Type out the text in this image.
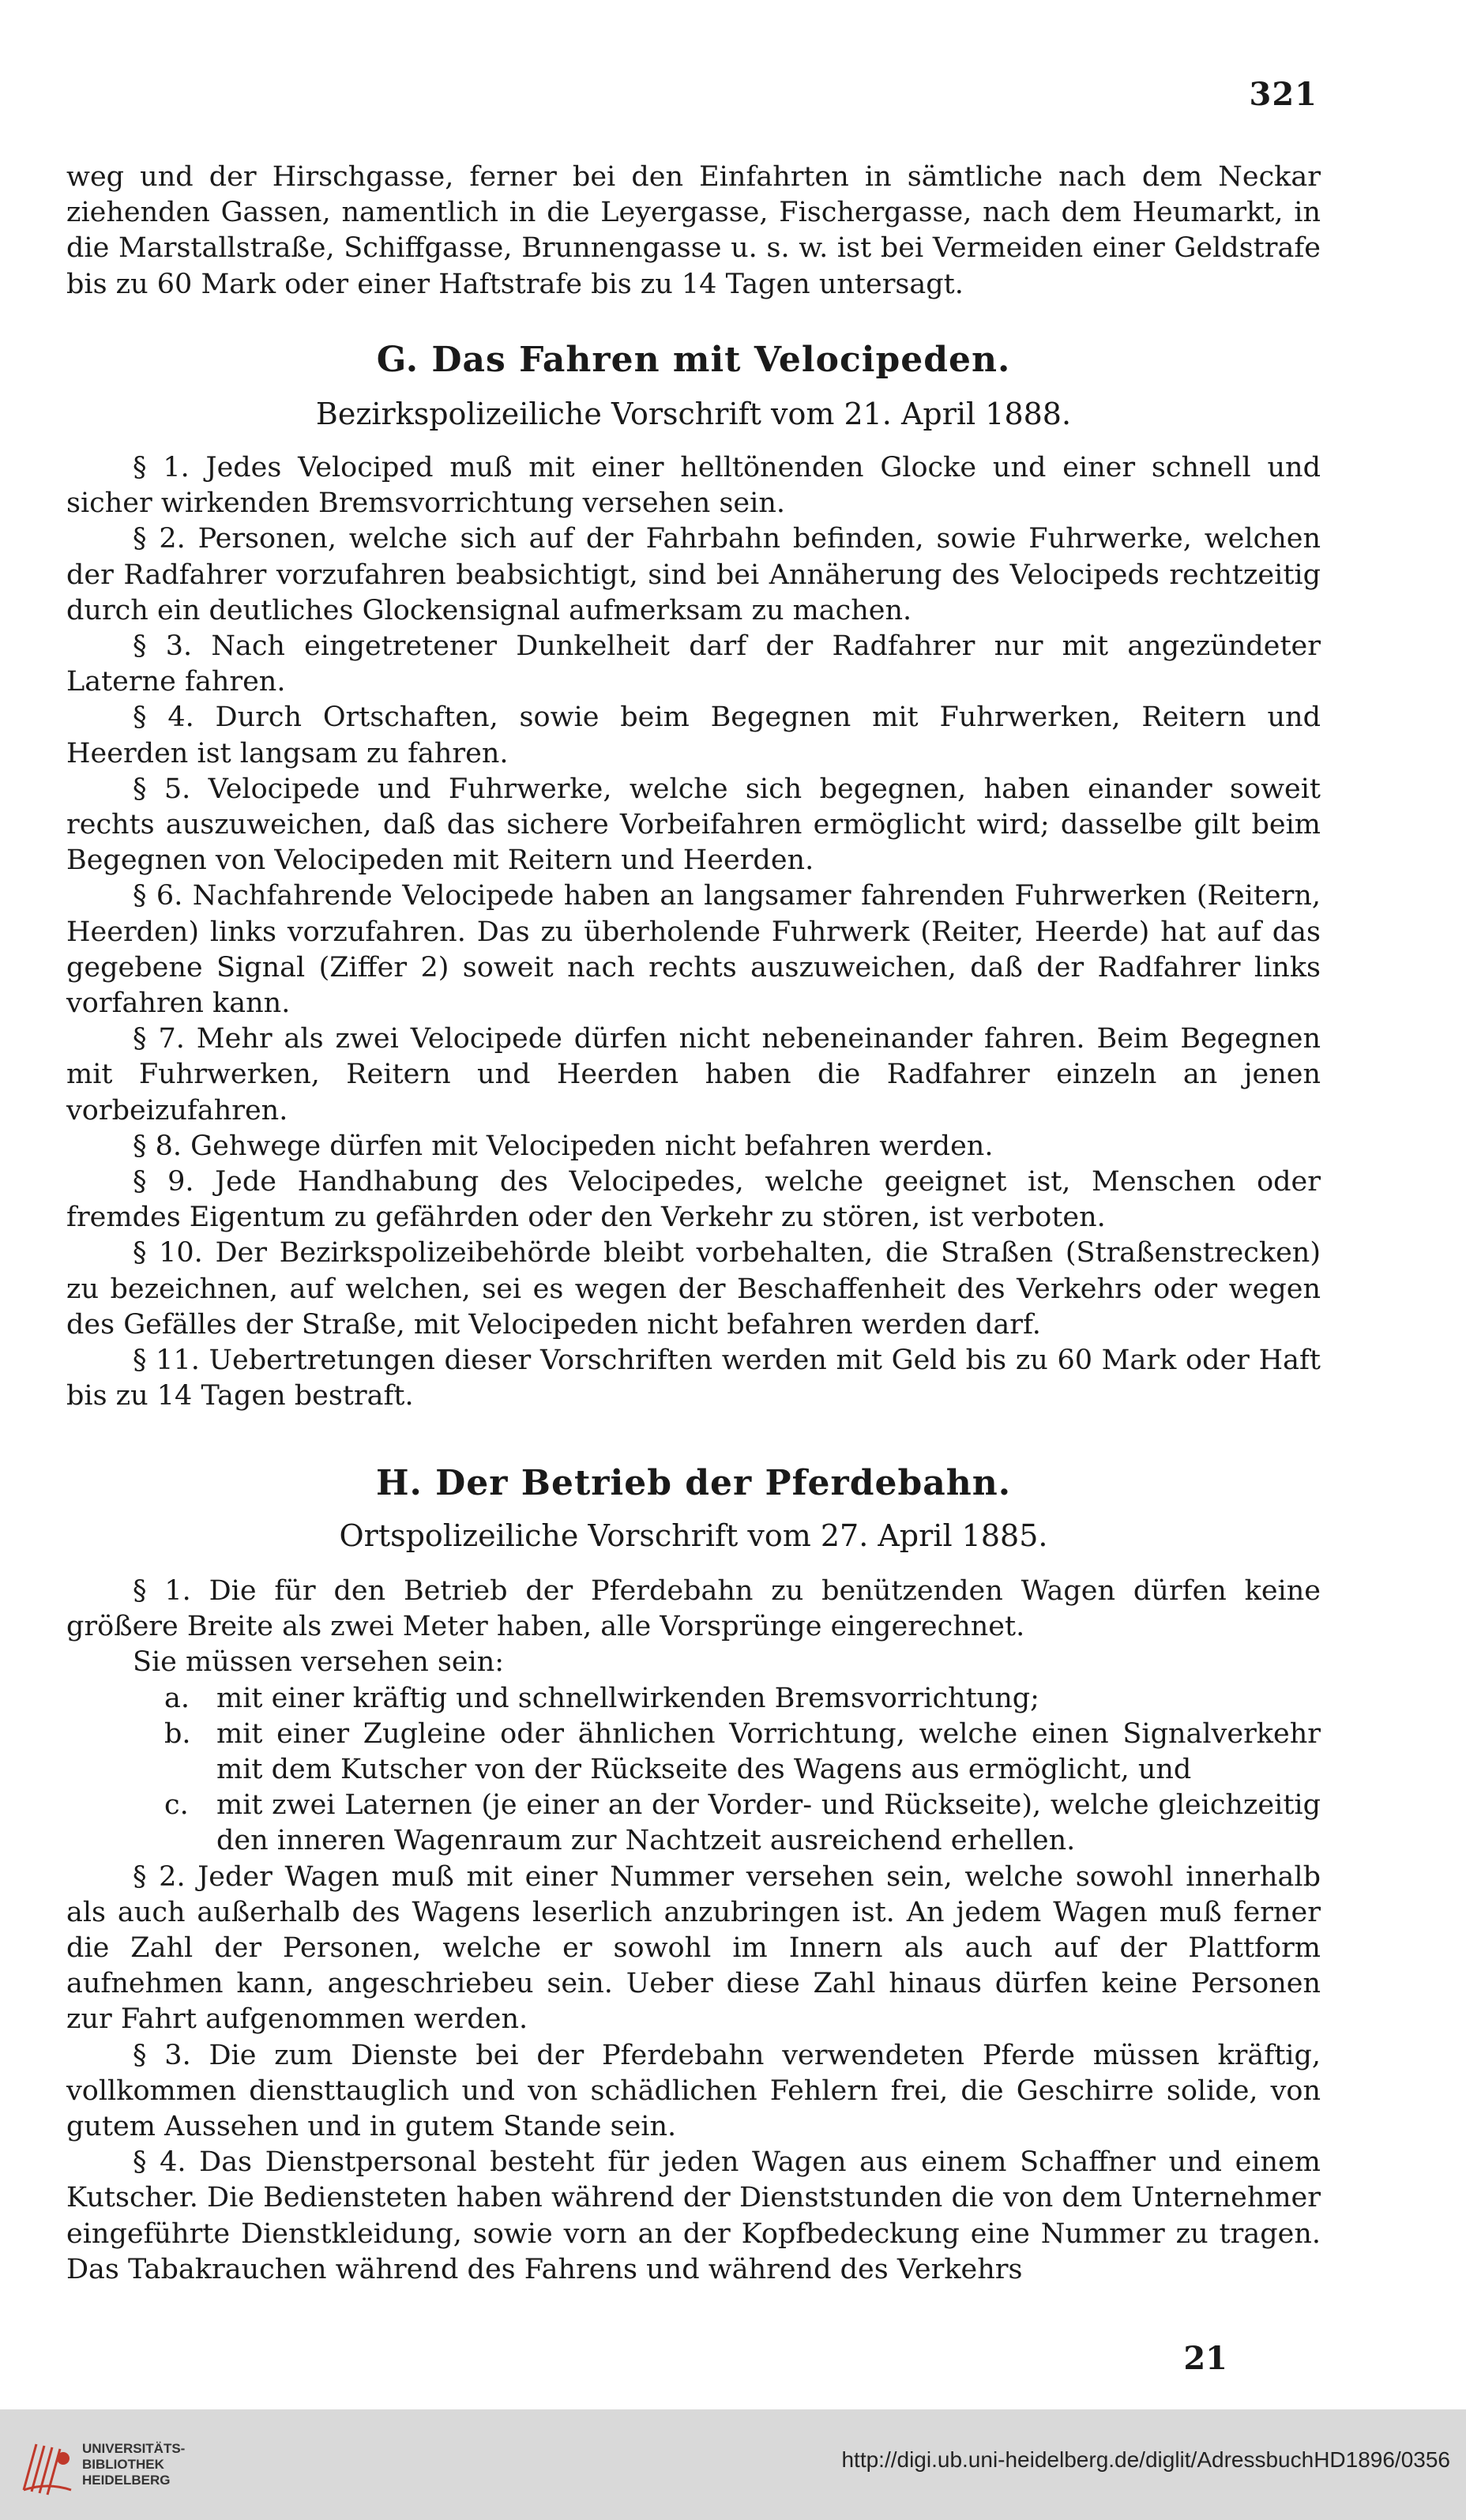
321

weg und der Hirschgasse, ferner bei den Einfahrten in sämtliche nach dem Neckar ziehenden Gassen, namentlich in die Leyergasse, Fischergasse, nach dem Heumarkt, in die Marstallstraße, Schiffgasse, Brunnengasse u. s. w. ist bei Vermeiden einer Geldstrafe bis zu 60 Mark oder einer Haftstrafe bis zu 14 Tagen untersagt.

G. Das Fahren mit Velocipeden.
Bezirkspolizeiliche Vorschrift vom 21. April 1888.

§ 1. Jedes Velociped muß mit einer helltönenden Glocke und einer schnell und sicher wirkenden Bremsvorrichtung versehen sein.

§ 2. Personen, welche sich auf der Fahrbahn befinden, sowie Fuhrwerke, welchen der Radfahrer vorzufahren beabsichtigt, sind bei Annäherung des Velocipeds rechtzeitig durch ein deutliches Glockensignal aufmerksam zu machen.

§ 3. Nach eingetretener Dunkelheit darf der Radfahrer nur mit angezündeter Laterne fahren.

§ 4. Durch Ortschaften, sowie beim Begegnen mit Fuhrwerken, Reitern und Heerden ist langsam zu fahren.

§ 5. Velocipede und Fuhrwerke, welche sich begegnen, haben einander soweit rechts auszuweichen, daß das sichere Vorbeifahren ermöglicht wird; dasselbe gilt beim Begegnen von Velocipeden mit Reitern und Heerden.

§ 6. Nachfahrende Velocipede haben an langsamer fahrenden Fuhrwerken (Reitern, Heerden) links vorzufahren. Das zu überholende Fuhrwerk (Reiter, Heerde) hat auf das gegebene Signal (Ziffer 2) soweit nach rechts auszuweichen, daß der Radfahrer links vorfahren kann.

§ 7. Mehr als zwei Velocipede dürfen nicht nebeneinander fahren. Beim Begegnen mit Fuhrwerken, Reitern und Heerden haben die Radfahrer einzeln an jenen vorbeizufahren.

§ 8. Gehwege dürfen mit Velocipeden nicht befahren werden.

§ 9. Jede Handhabung des Velocipedes, welche geeignet ist, Menschen oder fremdes Eigentum zu gefährden oder den Verkehr zu stören, ist verboten.

§ 10. Der Bezirkspolizeibehörde bleibt vorbehalten, die Straßen (Straßenstrecken) zu bezeichnen, auf welchen, sei es wegen der Beschaffenheit des Verkehrs oder wegen des Gefälles der Straße, mit Velocipeden nicht befahren werden darf.

§ 11. Uebertretungen dieser Vorschriften werden mit Geld bis zu 60 Mark oder Haft bis zu 14 Tagen bestraft.

H. Der Betrieb der Pferdebahn.
Ortspolizeiliche Vorschrift vom 27. April 1885.

§ 1. Die für den Betrieb der Pferdebahn zu benützenden Wagen dürfen keine größere Breite als zwei Meter haben, alle Vorsprünge eingerechnet.

Sie müssen versehen sein:

a. mit einer kräftig und schnellwirkenden Bremsvorrichtung;
b. mit einer Zugleine oder ähnlichen Vorrichtung, welche einen Signalverkehr mit dem Kutscher von der Rückseite des Wagens aus ermöglicht, und
c. mit zwei Laternen (je einer an der Vorder- und Rückseite), welche gleichzeitig den inneren Wagenraum zur Nachtzeit ausreichend erhellen.

§ 2. Jeder Wagen muß mit einer Nummer versehen sein, welche sowohl innerhalb als auch außerhalb des Wagens leserlich anzubringen ist. An jedem Wagen muß ferner die Zahl der Personen, welche er sowohl im Innern als auch auf der Plattform aufnehmen kann, angeschriebeu sein. Ueber diese Zahl hinaus dürfen keine Personen zur Fahrt aufgenommen werden.

§ 3. Die zum Dienste bei der Pferdebahn verwendeten Pferde müssen kräftig, vollkommen diensttauglich und von schädlichen Fehlern frei, die Geschirre solide, von gutem Aussehen und in gutem Stande sein.

§ 4. Das Dienstpersonal besteht für jeden Wagen aus einem Schaffner und einem Kutscher. Die Bediensteten haben während der Dienststunden die von dem Unternehmer eingeführte Dienstkleidung, sowie vorn an der Kopfbedeckung eine Nummer zu tragen. Das Tabakrauchen während des Fahrens und während des Verkehrs

21
UNIVERSITÄTS-
BIBLIOTHEK
HEIDELBERG
http://digi.ub.uni-heidelberg.de/diglit/AdressbuchHD1896/0356
